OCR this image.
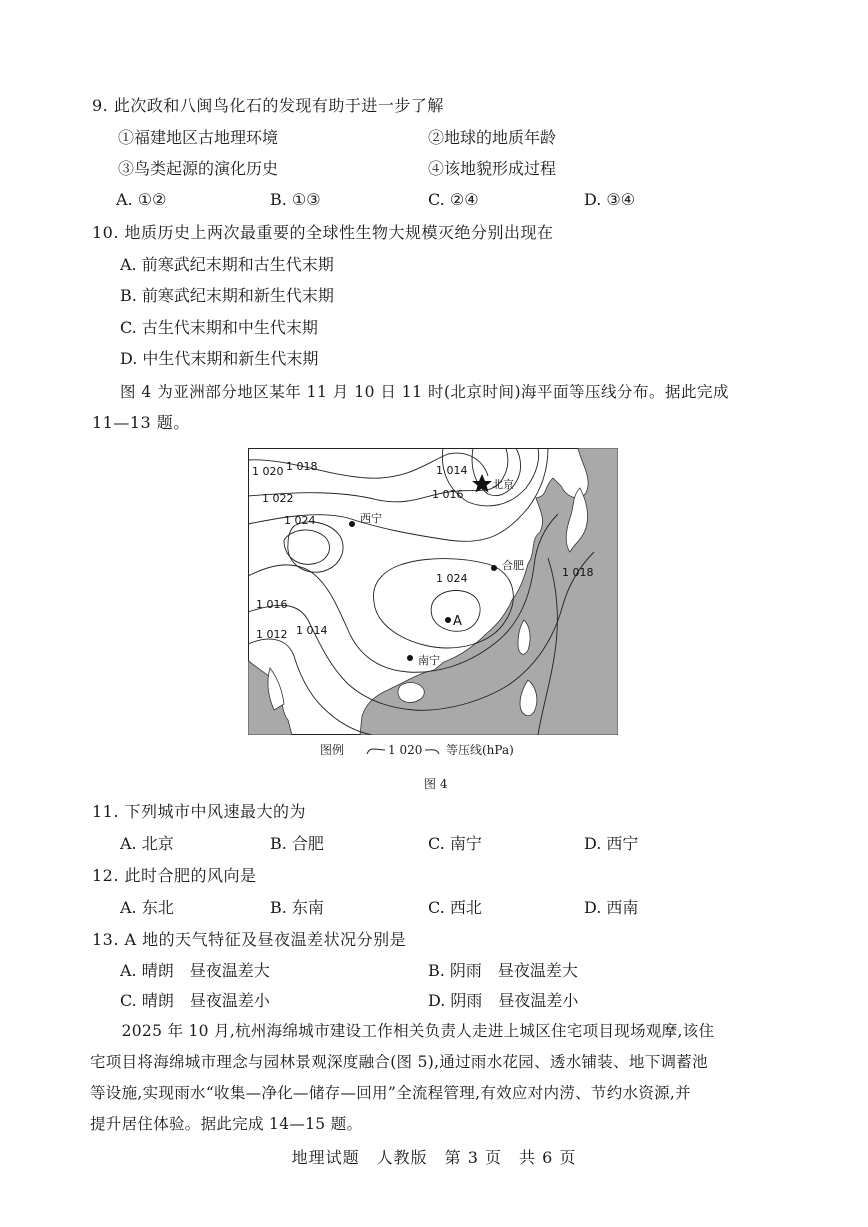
9. 此次政和八闽鸟化石的发现有助于进一步了解
①福建地区古地理环境	②地球的地质年龄
③鸟类起源的演化历史	④该地貌形成过程
A. ①②	B. ①③	C. ②④	D. ③④
10. 地质历史上两次最重要的全球性生物大规模灭绝分别出现在
A. 前寒武纪末期和古生代末期
B. 前寒武纪末期和新生代末期
C. 古生代末期和中生代末期
D. 中生代末期和新生代末期
图 4 为亚洲部分地区某年 11 月 10 日 11 时(北京时间)海平面等压线分布。据此完成
11—13 题。
1 020 1 018
1 022
1 024
1 016
1 012 1 014
1 014
1 016
1 024	1 018
北京
西宁
合肥
A
南宁
图例	1 020 等压线(hPa)
图 4
11. 下列城市中风速最大的为
A. 北京	B. 合肥	C. 南宁	D. 西宁
12. 此时合肥的风向是
A. 东北	B. 东南	C. 西北	D. 西南
13. A 地的天气特征及昼夜温差状况分别是
A. 晴朗　昼夜温差大	B. 阴雨　昼夜温差大
C. 晴朗　昼夜温差小	D. 阴雨　昼夜温差小
　　2025 年 10 月,杭州海绵城市建设工作相关负责人走进上城区住宅项目现场观摩,该住
宅项目将海绵城市理念与园林景观深度融合(图 5),通过雨水花园、透水铺装、地下调蓄池
等设施,实现雨水“收集—净化—储存—回用”全流程管理,有效应对内涝、节约水资源,并
提升居住体验。据此完成 14—15 题。
地理试题　人教版　第 3 页　共 6 页
